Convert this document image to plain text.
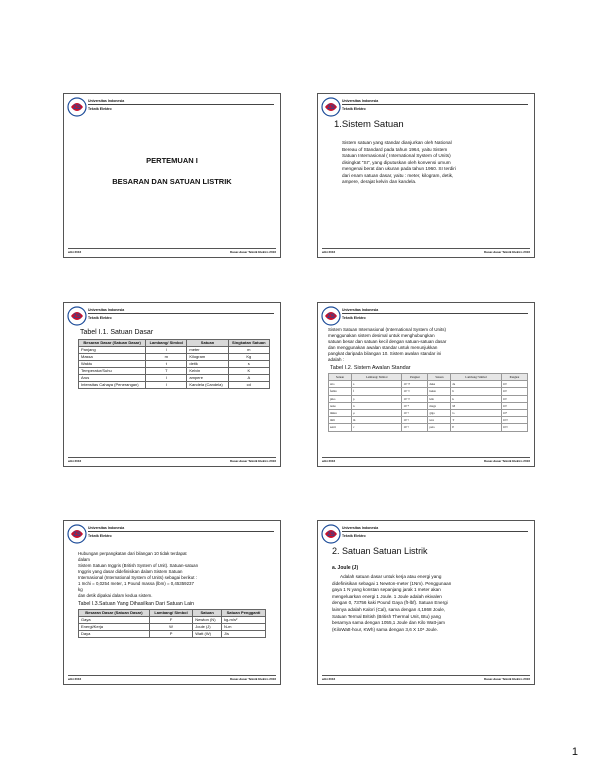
ZS
Universitas Indonesia
Teknik Elektro
PERTEMUAN I
BESARAN DAN SATUAN LISTRIK
wiki 2016	Dasar-dasar Teknik Elektro 2016
ZS
Universitas Indonesia
Teknik Elektro
1.Sistem Satuan
Sistem satuan yang standar dianjurkan oleh National
Bereau of Standard pada tahun 1964, yaitu Sistem
Satuan Internasional ( International System of Units)
disingkat "SI", yang diputuskan oleh konvensi umum
mengenai berat dan ukuran pada tahun 1960. SI terdiri
dari enam satuan dasar, yaitu : meter, kilogram, detik,
ampere, derajat kelvin dan kandela.
wiki 2016	Dasar-dasar Teknik Elektro 2016
ZS
Universitas Indonesia
Teknik Elektro
Tabel I.1. Satuan Dasar
Besaran Dasar (Satuan Dasar)	Lambang/ Simbol	Satuan	Singkatan Satuan
Panjang	l	meter	m
Massa	m	Kilogram	Kg
Waktu	t	detik	s
Temperatur/Suhu	T	Kelvin	K
Arus	I	ampere	A
Intensitas Cahaya (Penerangan)	I	Kandela (Candela)	cd
wiki 2016	Dasar-dasar Teknik Elektro 2016
ZS
Universitas Indonesia
Teknik Elektro
Sistem Satuan Internasional (International System of Units)
menggunakan sistem desimal untuk menghubungkan
satuan besar dan satuan kecil dengan satuan-satuan dasar
dan menggunakan awalan standar untuk menunjukkan
pangkat daripada bilangan 10. Sistem awalan standar ini
adalah :
Tabel I.2. Sistem Awalan Standar
Satuan	Lambang/ Simbol	Pangkat	Satuan	Lambang/ Simbol	Pangkat
atto	a	10⁻¹⁸	deka	da	10¹
femto	f	10⁻¹⁵	hekto	h	10²
piko	p	10⁻¹²	kilo	k	10³
nano	n	10⁻⁹	mega	M	10⁶
mikro	μ	10⁻⁶	giga	G	10⁹
mili	m	10⁻³	tera	T	10¹²
senti	c	10⁻²	peta	P	10¹⁵
wiki 2016	Dasar-dasar Teknik Elektro 2016
ZS
Universitas Indonesia
Teknik Elektro
Hubungan perpangkatan dari bilangan 10 tidak terdapat
dalam
Sistem Satuan Inggris (British System of Unit). Satuan-satuan
Inggris yang dasar didefinisikan dalam Sistem Satuan
Internasional (International System of Units) sebagai berikut :
1 Inchi = 0,0254 meter, 1 Pound massa (lbm) = 0,45359237
kg
dan detik dipakai dalam kedua sistem.
Tabel I.3.Satuan Yang Dihasilkan Dari Satuan Lain
Besaran Dasar (Satuan Dasar)	Lambang/ Simbol	Satuan	Satuan Pengganti
Gaya	F	Newton (N)	kg-m/s²
Energi/Kerja	W	Joule (J)	N-m
Daya	P	Watt (W)	J/s
wiki 2016	Dasar-dasar Teknik Elektro 2016
ZS
Universitas Indonesia
Teknik Elektro
2. Satuan Satuan Listrik
a. Joule (J)
Adalah satuan dasar untuk kerja atau energi yang
didefinisikan sebagai 1 Newton-meter (1Nm). Penggunaan
gaya 1 N yang konstan sepanjang jarak 1 meter akan
mengeluarkan energi 1 Joule. 1 Joule adalah ekivalen
dengan 0, 73756 kaki Pound Gaya (ft-lbf). Satuan Energi
lainnya adalah Kalori (Cal), sama dengan 4,1868 Joule,
Satuan Termal British (British Thermal Unit, Btu) yang
besarnya sama dengan 1055,1 Joule dan Kilo Watt-jam
(KiloWatt-hour, KWh) sama dengan 3,6 X 10⁶ Joule.
wiki 2016	Dasar-dasar Teknik Elektro 2016
1
